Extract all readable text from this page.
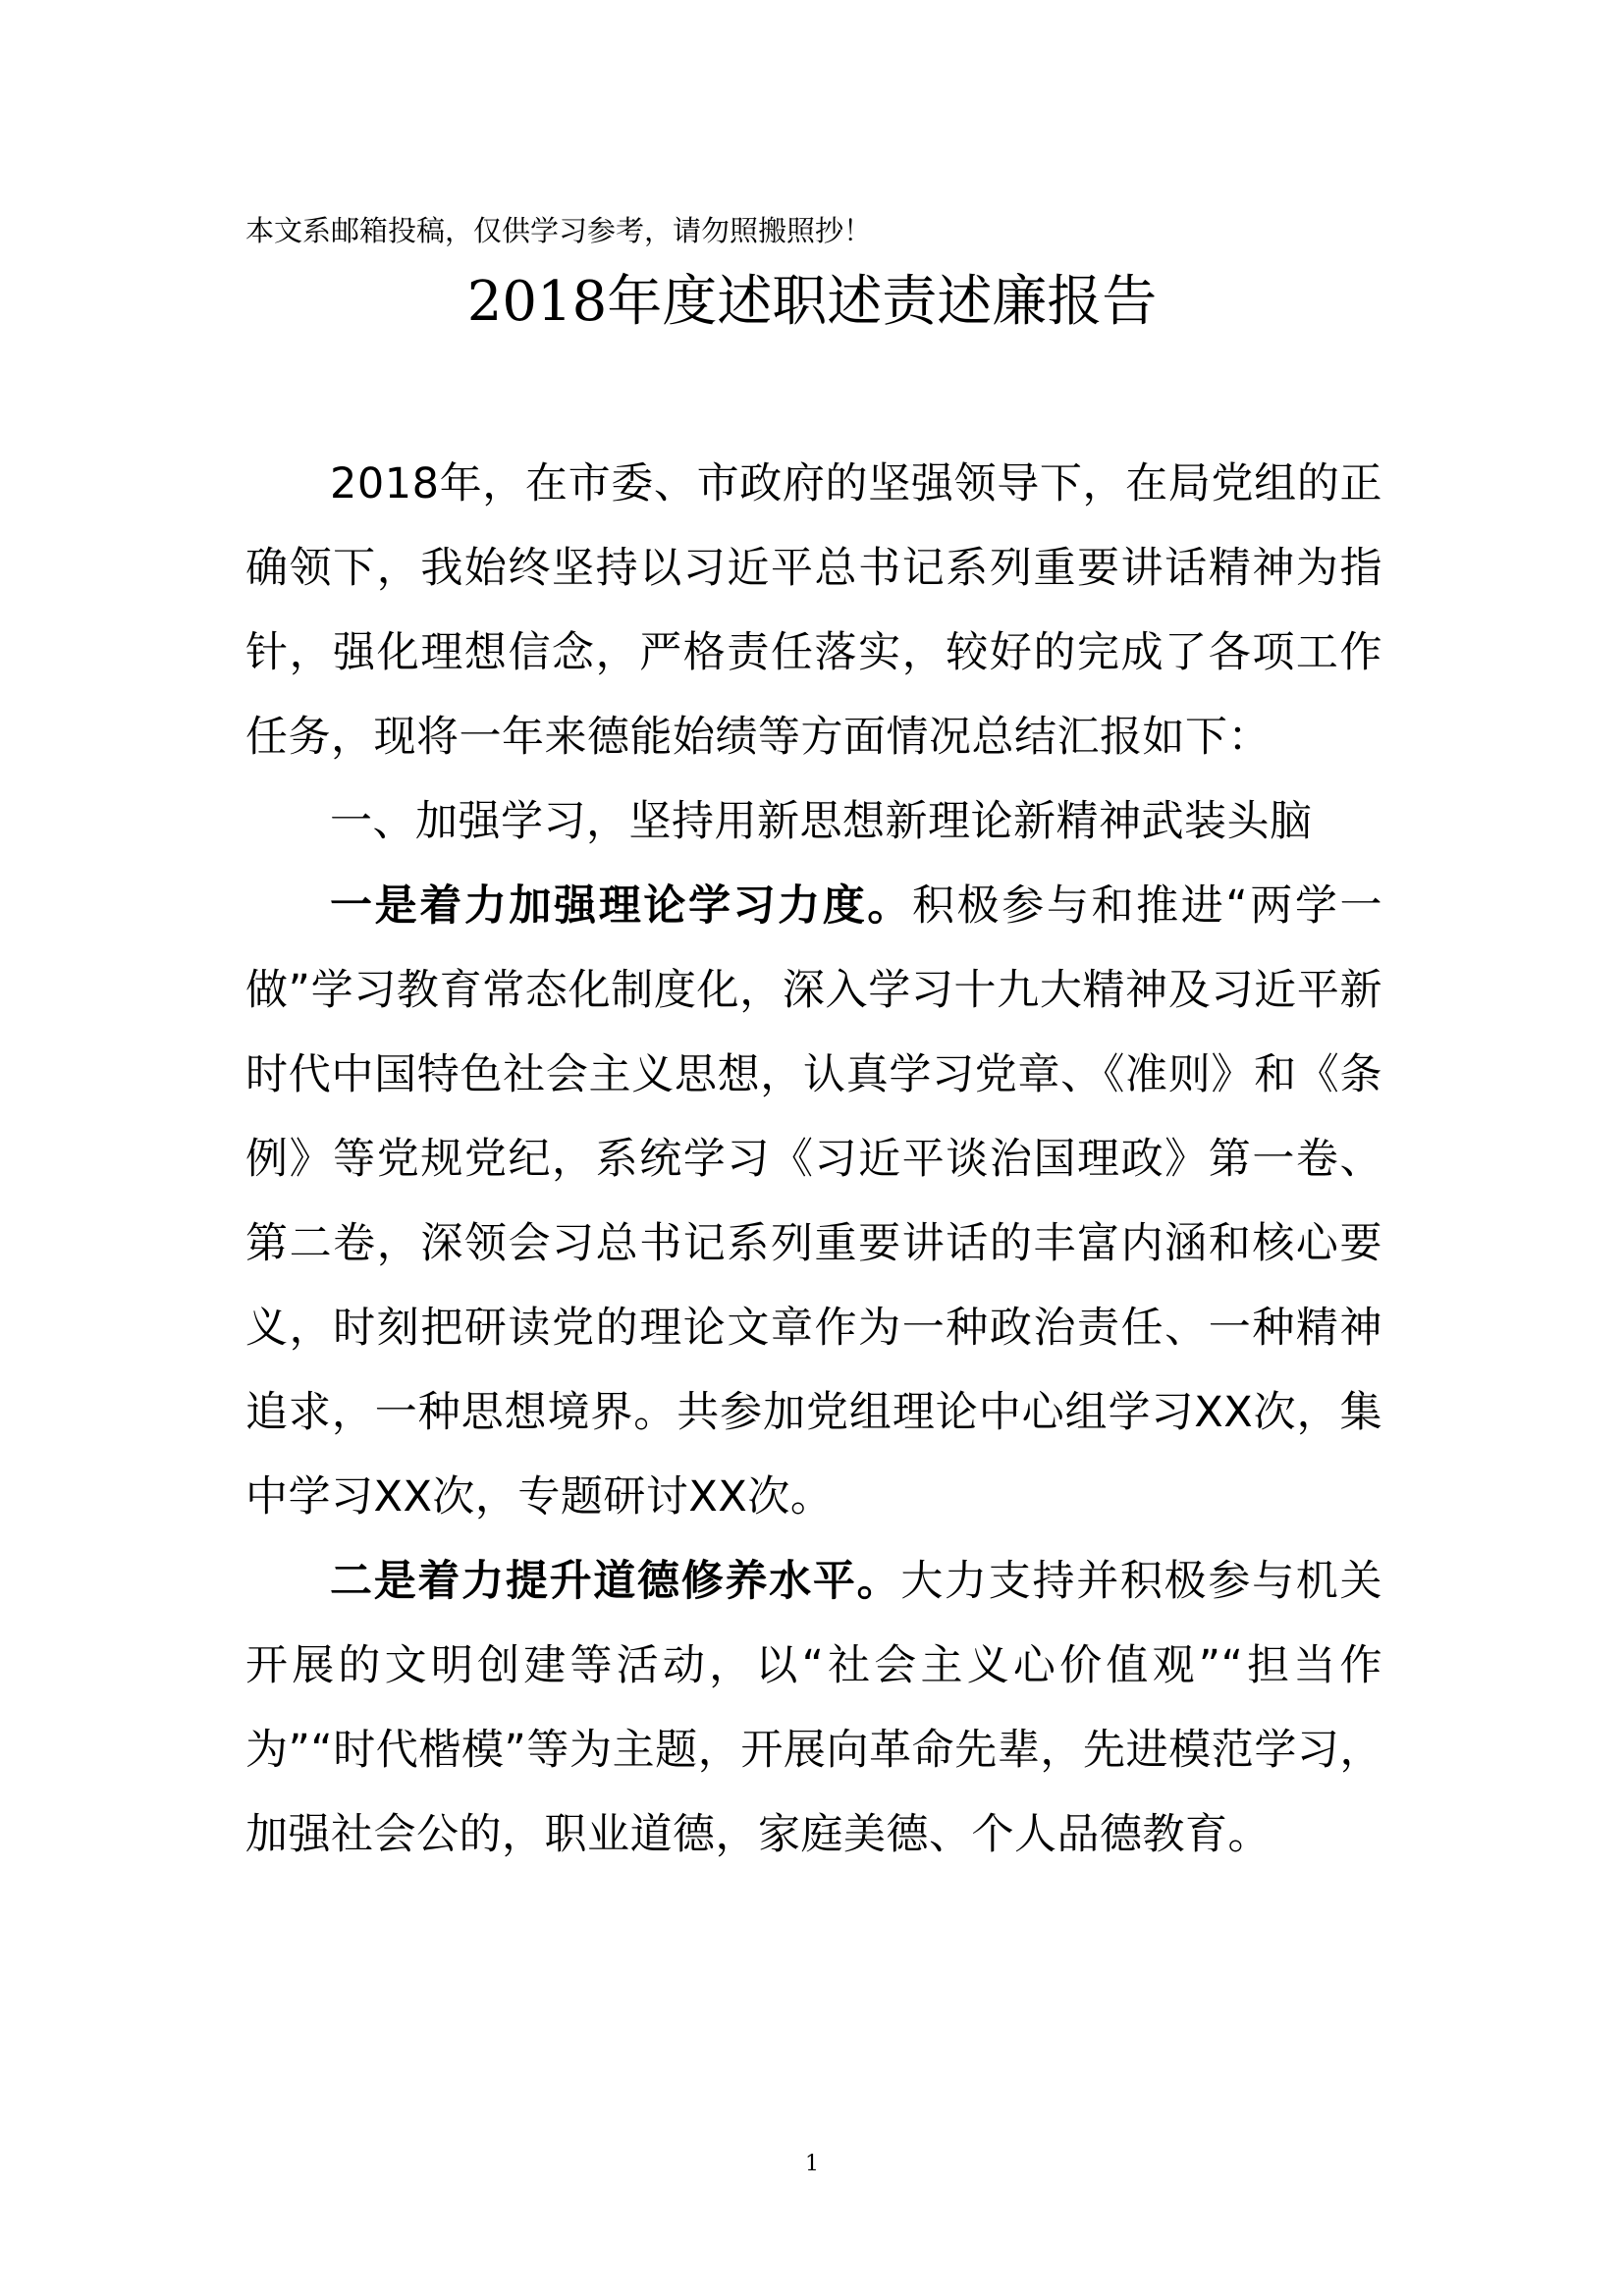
本文系邮箱投稿，仅供学习参考，请勿照搬照抄！
2018年度述职述责述廉报告

2018年，在市委、市政府的坚强领导下，在局党组的正确领下，我始终坚持以习近平总书记系列重要讲话精神为指针，强化理想信念，严格责任落实，较好的完成了各项工作任务，现将一年来德能始绩等方面情况总结汇报如下：

一、加强学习，坚持用新思想新理论新精神武装头脑

一是着力加强理论学习力度。积极参与和推进“两学一做”学习教育常态化制度化，深入学习十九大精神及习近平新时代中国特色社会主义思想，认真学习党章、《准则》和《条例》等党规党纪，系统学习《习近平谈治国理政》第一卷、第二卷，深领会习总书记系列重要讲话的丰富内涵和核心要义，时刻把研读党的理论文章作为一种政治责任、一种精神追求，一种思想境界。共参加党组理论中心组学习XX次，集中学习XX次，专题研讨XX次。

二是着力提升道德修养水平。大力支持并积极参与机关开展的文明创建等活动，以“社会主义心价值观”“担当作为”“时代楷模”等为主题，开展向革命先辈，先进模范学习，加强社会公的，职业道德，家庭美德、个人品德教育。

1
